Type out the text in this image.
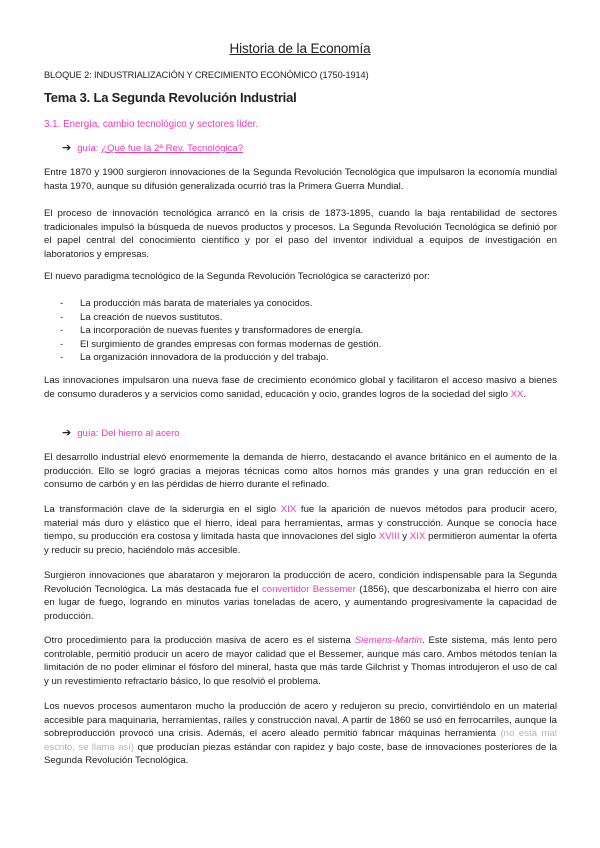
Historia de la Economía

BLOQUE 2: INDUSTRIALIZACIÓN Y CRECIMIENTO ECONÓMICO (1750-1914)

Tema 3. La Segunda Revolución Industrial

3.1. Energía, cambio tecnológico y sectores líder.

➔ guía: ¿Qué fue la 2ª Rev. Tecnológica?

Entre 1870 y 1900 surgieron innovaciones de la Segunda Revolución Tecnológica que impulsaron la economía mundial hasta 1970, aunque su difusión generalizada ocurrió tras la Primera Guerra Mundial.

El proceso de innovación tecnológica arrancó en la crisis de 1873-1895, cuando la baja rentabilidad de sectores tradicionales impulsó la búsqueda de nuevos productos y procesos. La Segunda Revolución Tecnológica se definió por el papel central del conocimiento científico y por el paso del inventor individual a equipos de investigación en laboratorios y empresas.

El nuevo paradigma tecnológico de la Segunda Revolución Tecnológica se caracterizó por:

- La producción más barata de materiales ya conocidos.
- La creación de nuevos sustitutos.
- La incorporación de nuevas fuentes y transformadores de energía.
- El surgimiento de grandes empresas con formas modernas de gestión.
- La organización innovadora de la producción y del trabajo.

Las innovaciones impulsaron una nueva fase de crecimiento económico global y facilitaron el acceso masivo a bienes de consumo duraderos y a servicios como sanidad, educación y ocio, grandes logros de la sociedad del siglo XX.

➔ guía: Del hierro al acero

El desarrollo industrial elevó enormemente la demanda de hierro, destacando el avance británico en el aumento de la producción. Ello se logró gracias a mejoras técnicas como altos hornos más grandes y una gran reducción en el consumo de carbón y en las pérdidas de hierro durante el refinado.

La transformación clave de la siderurgia en el siglo XIX fue la aparición de nuevos métodos para producir acero, material más duro y elástico que el hierro, ideal para herramientas, armas y construcción. Aunque se conocía hace tiempo, su producción era costosa y limitada hasta que innovaciones del siglo XVIII y XIX permitieron aumentar la oferta y reducir su precio, haciéndolo más accesible.

Surgieron innovaciones que abarataron y mejoraron la producción de acero, condición indispensable para la Segunda Revolución Tecnológica. La más destacada fue el convertidor Bessemer (1856), que descarbonizaba el hierro con aire en lugar de fuego, logrando en minutos varias toneladas de acero, y aumentando progresivamente la capacidad de producción.

Otro procedimiento para la producción masiva de acero es el sistema Siemens-Martin. Este sistema, más lento pero controlable, permitió producir un acero de mayor calidad que el Bessemer, aunque más caro. Ambos métodos tenían la limitación de no poder eliminar el fósforo del mineral, hasta que más tarde Gilchrist y Thomas introdujeron el uso de cal y un revestimiento refractario básico, lo que resolvió el problema.

Los nuevos procesos aumentaron mucho la producción de acero y redujeron su precio, convirtiéndolo en un material accesible para maquinaria, herramientas, raíles y construcción naval. A partir de 1860 se usó en ferrocarriles, aunque la sobreproducción provocó una crisis. Además, el acero aleado permitió fabricar máquinas herramienta (no está mal escrito, se llama así) que producían piezas estándar con rapidez y bajo coste, base de innovaciones posteriores de la Segunda Revolución Tecnológica.
